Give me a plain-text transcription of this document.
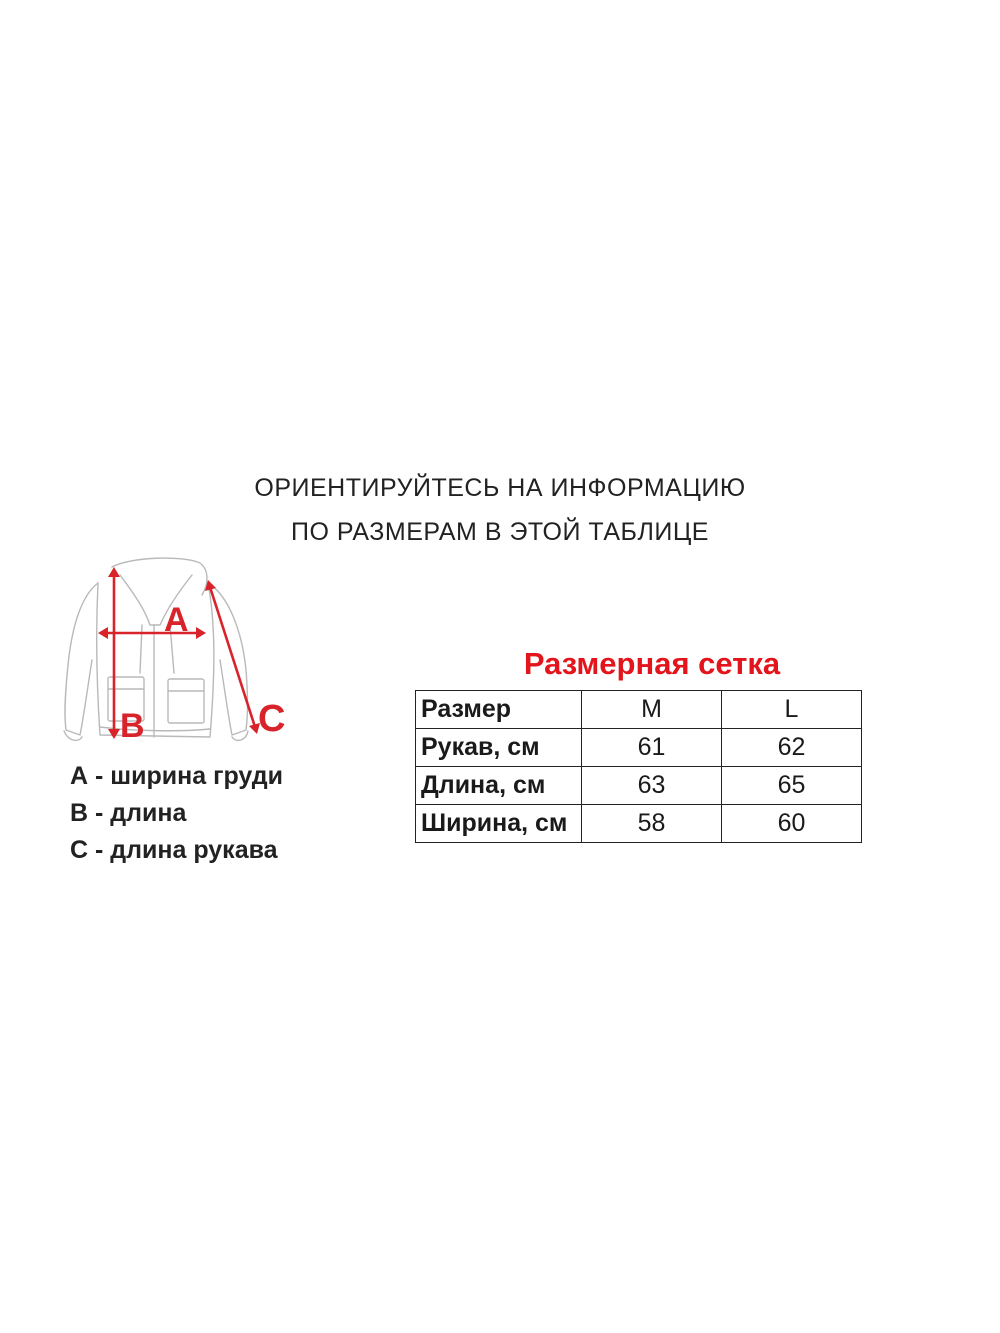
ОРИЕНТИРУЙТЕСЬ НА ИНФОРМАЦИЮ
ПО РАЗМЕРАМ В ЭТОЙ ТАБЛИЦЕ
A
B	C
А - ширина груди
В - длина
С - длина рукава
Размерная сетка
Размер	M	L
Рукав, см	61	62
Длина, см	63	65
Ширина, см	58	60
